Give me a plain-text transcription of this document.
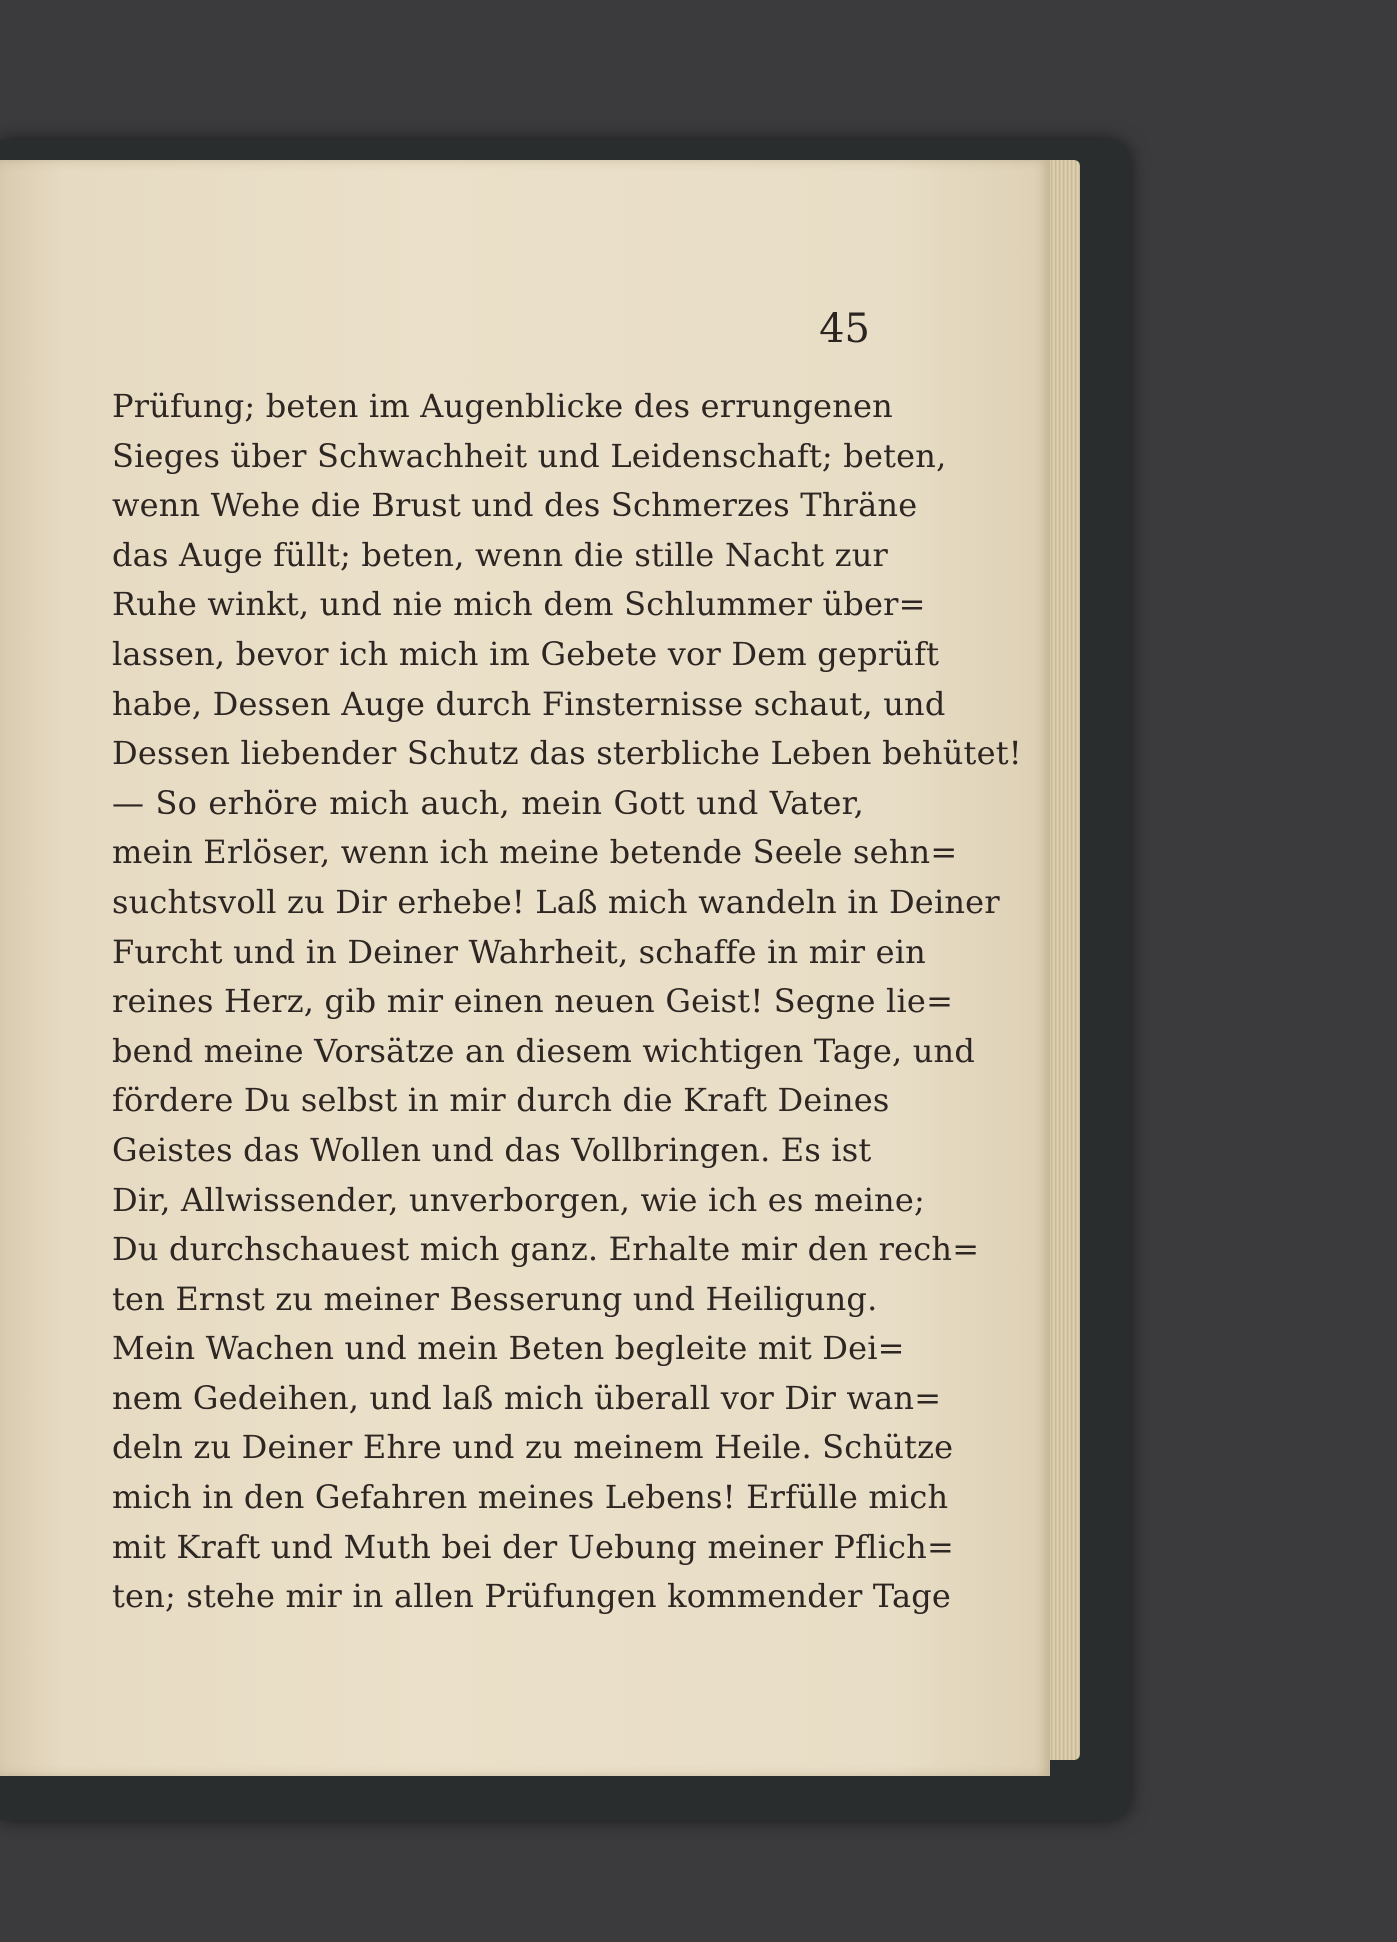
45
Prüfung; beten im Augenblicke des errungenen
Sieges über Schwachheit und Leidenschaft; beten,
wenn Wehe die Brust und des Schmerzes Thräne
das Auge füllt; beten, wenn die stille Nacht zur
Ruhe winkt, und nie mich dem Schlummer über=
lassen, bevor ich mich im Gebete vor Dem geprüft
habe, Dessen Auge durch Finsternisse schaut, und
Dessen liebender Schutz das sterbliche Leben behütet!
— So erhöre mich auch, mein Gott und Vater,
mein Erlöser, wenn ich meine betende Seele sehn=
suchtsvoll zu Dir erhebe! Laß mich wandeln in Deiner
Furcht und in Deiner Wahrheit, schaffe in mir ein
reines Herz, gib mir einen neuen Geist! Segne lie=
bend meine Vorsätze an diesem wichtigen Tage, und
fördere Du selbst in mir durch die Kraft Deines
Geistes das Wollen und das Vollbringen. Es ist
Dir, Allwissender, unverborgen, wie ich es meine;
Du durchschauest mich ganz. Erhalte mir den rech=
ten Ernst zu meiner Besserung und Heiligung.
Mein Wachen und mein Beten begleite mit Dei=
nem Gedeihen, und laß mich überall vor Dir wan=
deln zu Deiner Ehre und zu meinem Heile. Schütze
mich in den Gefahren meines Lebens! Erfülle mich
mit Kraft und Muth bei der Uebung meiner Pflich=
ten; stehe mir in allen Prüfungen kommender Tage
